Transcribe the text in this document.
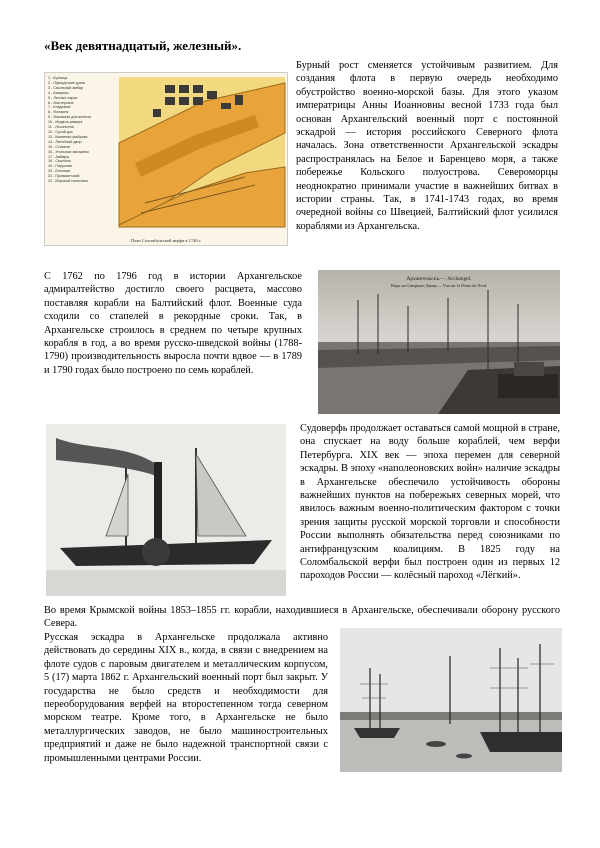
«Век девятнадцатый, железный».
1 - Кузница
2 - Офицерские дома
3 - Смольный амбар
4 - Казармы
5 - Лесные сараи
6 - Мастерские
7 - Кладовые
8 - Фонарня
9 - Магазины для железа
10 - Модель-камора
11 - Лесопилня
12 - Сухой док
13 - Канатная фабрика
14 - Литейный двор
15 - Стапели
16 - Угольные магазины
17 - Амбары
18 - Смольня
19 - Парусная
20 - Блочная
21 - Провиантский
22 - Морской госпиталь
План Соломбальской верфи в 1746 г.

Бурный рост сменяется устойчивым развитием. Для создания флота в первую очередь необходимо обустройство военно-морской базы. Для этого указом императрицы Анны Иоанновны весной 1733 года был основан Архангельский военный порт с постоянной эскадрой — история российского Северного флота началась. Зона ответственности Архангельской эскадры распространялась на Белое и Баренцево моря, а также побережье Кольского полуострова. Североморцы неоднократно принимали участие в важнейших битвах в истории страны. Так, в 1741-1743 годах, во время очередной войны со Швецией, Балтийский флот усилился кораблями из Архангельска.

С 1762 по 1796 год в истории Архангельское адмиралтейство достигло своего расцвета, массово поставляя корабли на Балтийский флот. Военные суда сходили со стапелей в рекордные сроки. Так, в Архангельске строилось в среднем по четыре крупных корабля в год, а во время русско-шведской войны (1788-1790) производительность выросла почти вдвое — в 1789 и 1790 годах было построено по семь кораблей.

Архангельскъ.— Archangel.
Видъ на Северную Двину.— Vue sur la Dvina du Nord.

Судоверфь продолжает оставаться самой мощной в стране, она спускает на воду больше кораблей, чем верфи Петербурга. XIX век — эпоха перемен для северной эскадры. В эпоху «наполеоновских войн» наличие эскадры в Архангельске обеспечило устойчивость обороны важнейших пунктов на побережьях северных морей, что явилось важным военно-политическим фактором с точки зрения защиты русской морской торговли и способности России выполнять обязательства перед союзниками по антифранцузским коалициям. В 1825 году на Соломбальской верфи был построен один из первых 12 пароходов России — колёсный пароход «Лёгкий».

Во время Крымской войны 1853–1855 гг. корабли, находившиеся в Архангельске, обеспечивали оборону русского Севера.

Русская эскадра в Архангельске продолжала активно действовать до середины XIX в., когда, в связи с внедрением на флоте судов с паровым двигателем и металлическим корпусом, 5 (17) марта 1862 г. Архангельский военный порт был закрыт. У государства не было средств и необходимости для переоборудования верфей на второстепенном тогда северном морском театре. Кроме того, в Архангельске не было металлургических заводов, не было машиностроительных предприятий и даже не было надежной транспортной связи с промышленными центрами России.
